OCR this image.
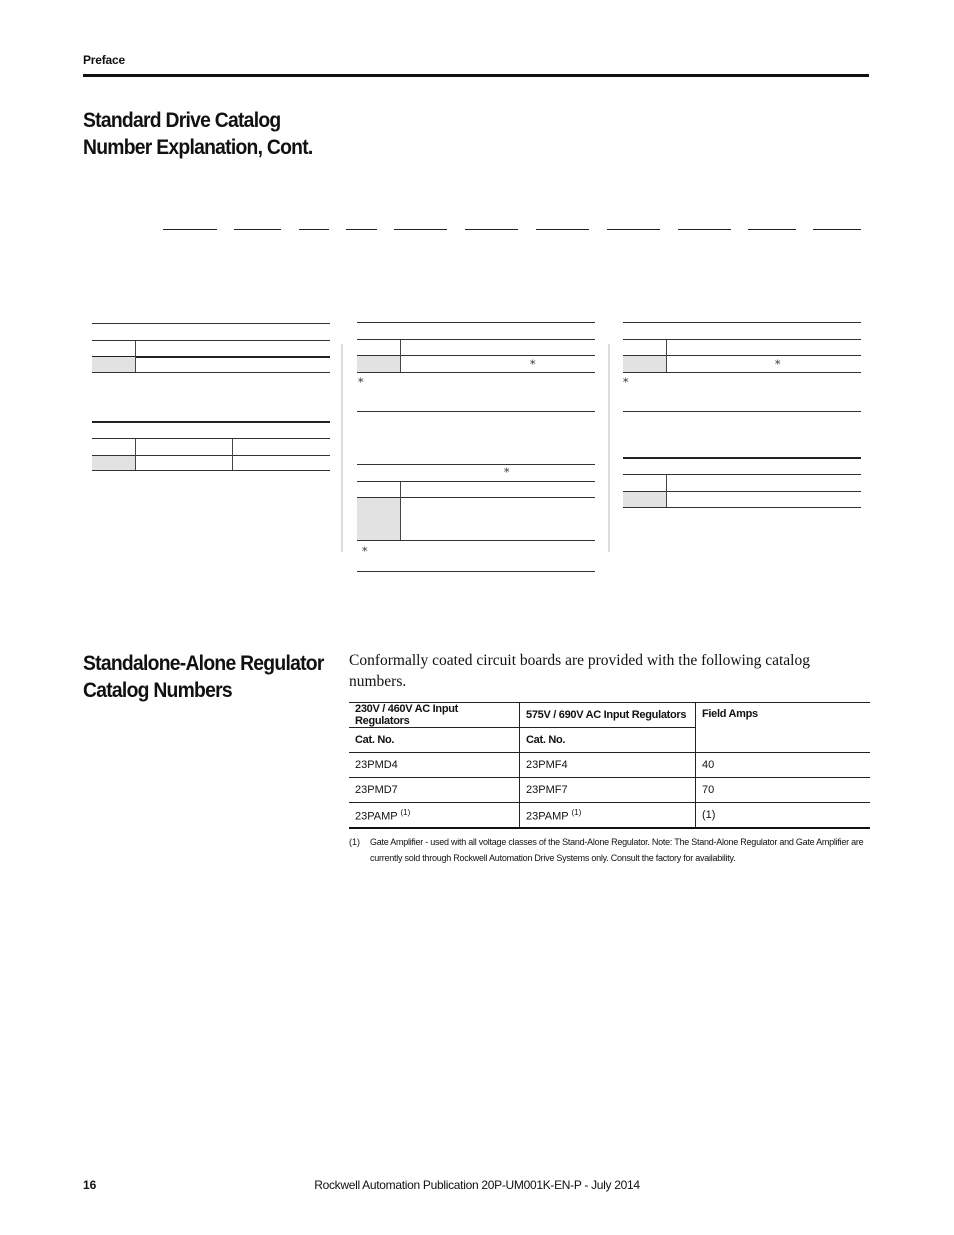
Preface
Standard Drive Catalog
Number Explanation, Cont.
*
*
*
*
*
*
Standalone-Alone Regulator
Catalog Numbers
Conformally coated circuit boards are provided with the following catalog numbers.
230V / 460V AC Input Regulators	575V / 690V AC Input Regulators	Field Amps
Cat. No.	Cat. No.	
23PMD4	23PMF4	40
23PMD7	23PMF7	70
23PAMP $^{(1)}$	23PAMP $^{(1)}$	(1)
(1) Gate Amplifier - used with all voltage classes of the Stand-Alone Regulator. Note: The Stand-Alone Regulator and Gate Amplifier are currently sold through Rockwell Automation Drive Systems only. Consult the factory for availability.
16	Rockwell Automation Publication 20P-UM001K-EN-P - July 2014
